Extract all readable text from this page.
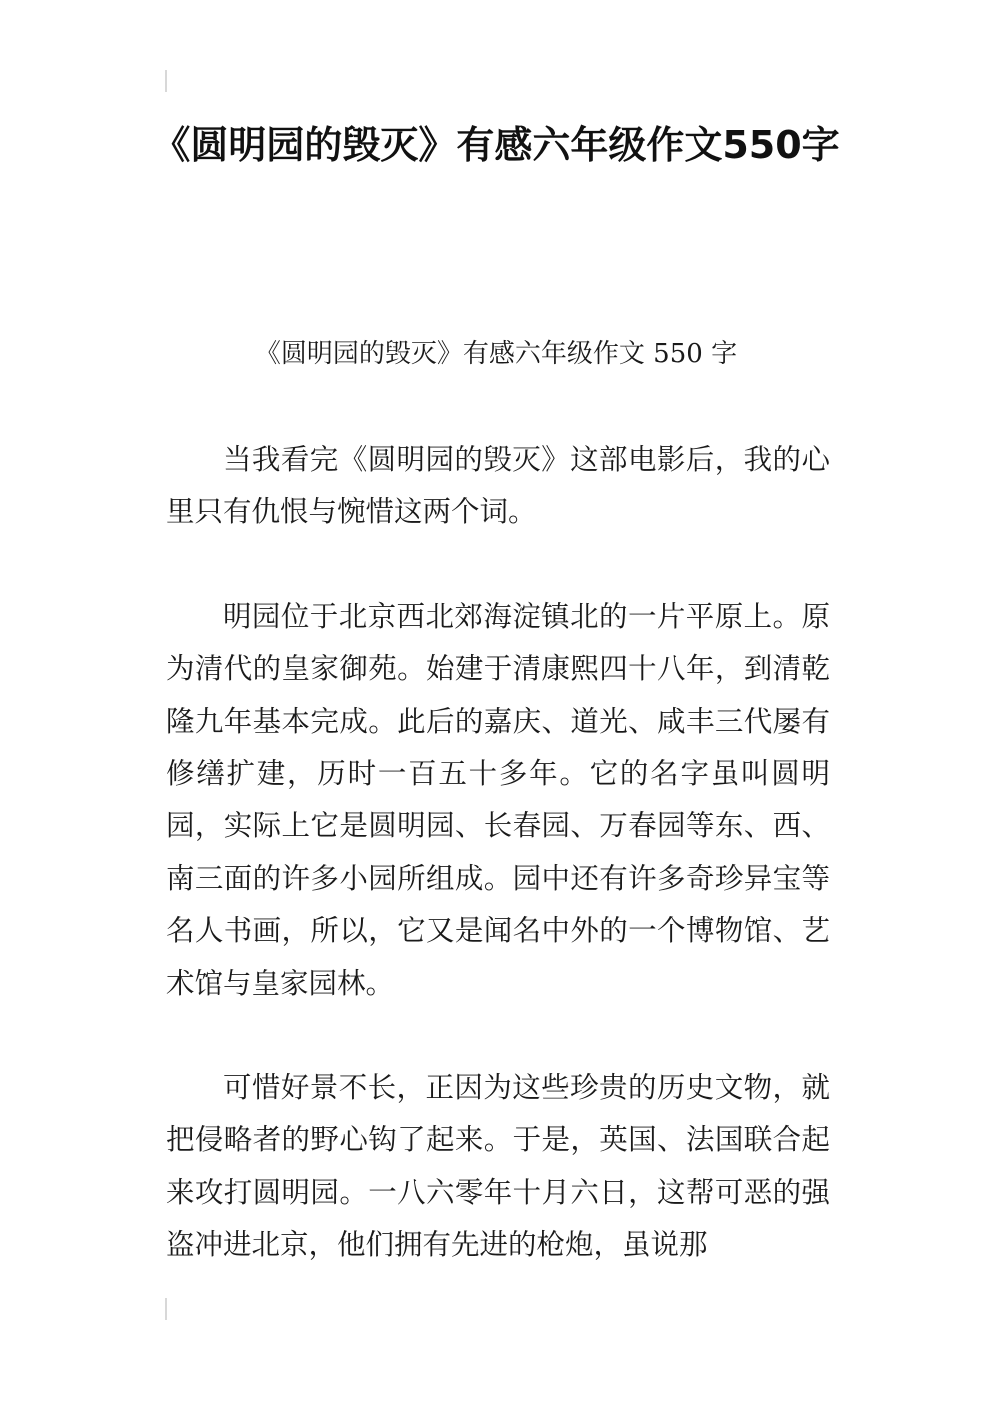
《圆明园的毁灭》有感六年级作文550字

《圆明园的毁灭》有感六年级作文 550 字

当我看完《圆明园的毁灭》这部电影后，我的心里只有仇恨与惋惜这两个词。

明园位于北京西北郊海淀镇北的一片平原上。原为清代的皇家御苑。始建于清康熙四十八年，到清乾隆九年基本完成。此后的嘉庆、道光、咸丰三代屡有修缮扩建，历时一百五十多年。它的名字虽叫圆明园，实际上它是圆明园、长春园、万春园等东、西、南三面的许多小园所组成。园中还有许多奇珍异宝等名人书画，所以，它又是闻名中外的一个博物馆、艺术馆与皇家园林。

可惜好景不长，正因为这些珍贵的历史文物，就把侵略者的野心钩了起来。于是，英国、法国联合起来攻打圆明园。一八六零年十月六日，这帮可恶的强盗冲进北京，他们拥有先进的枪炮，虽说那
